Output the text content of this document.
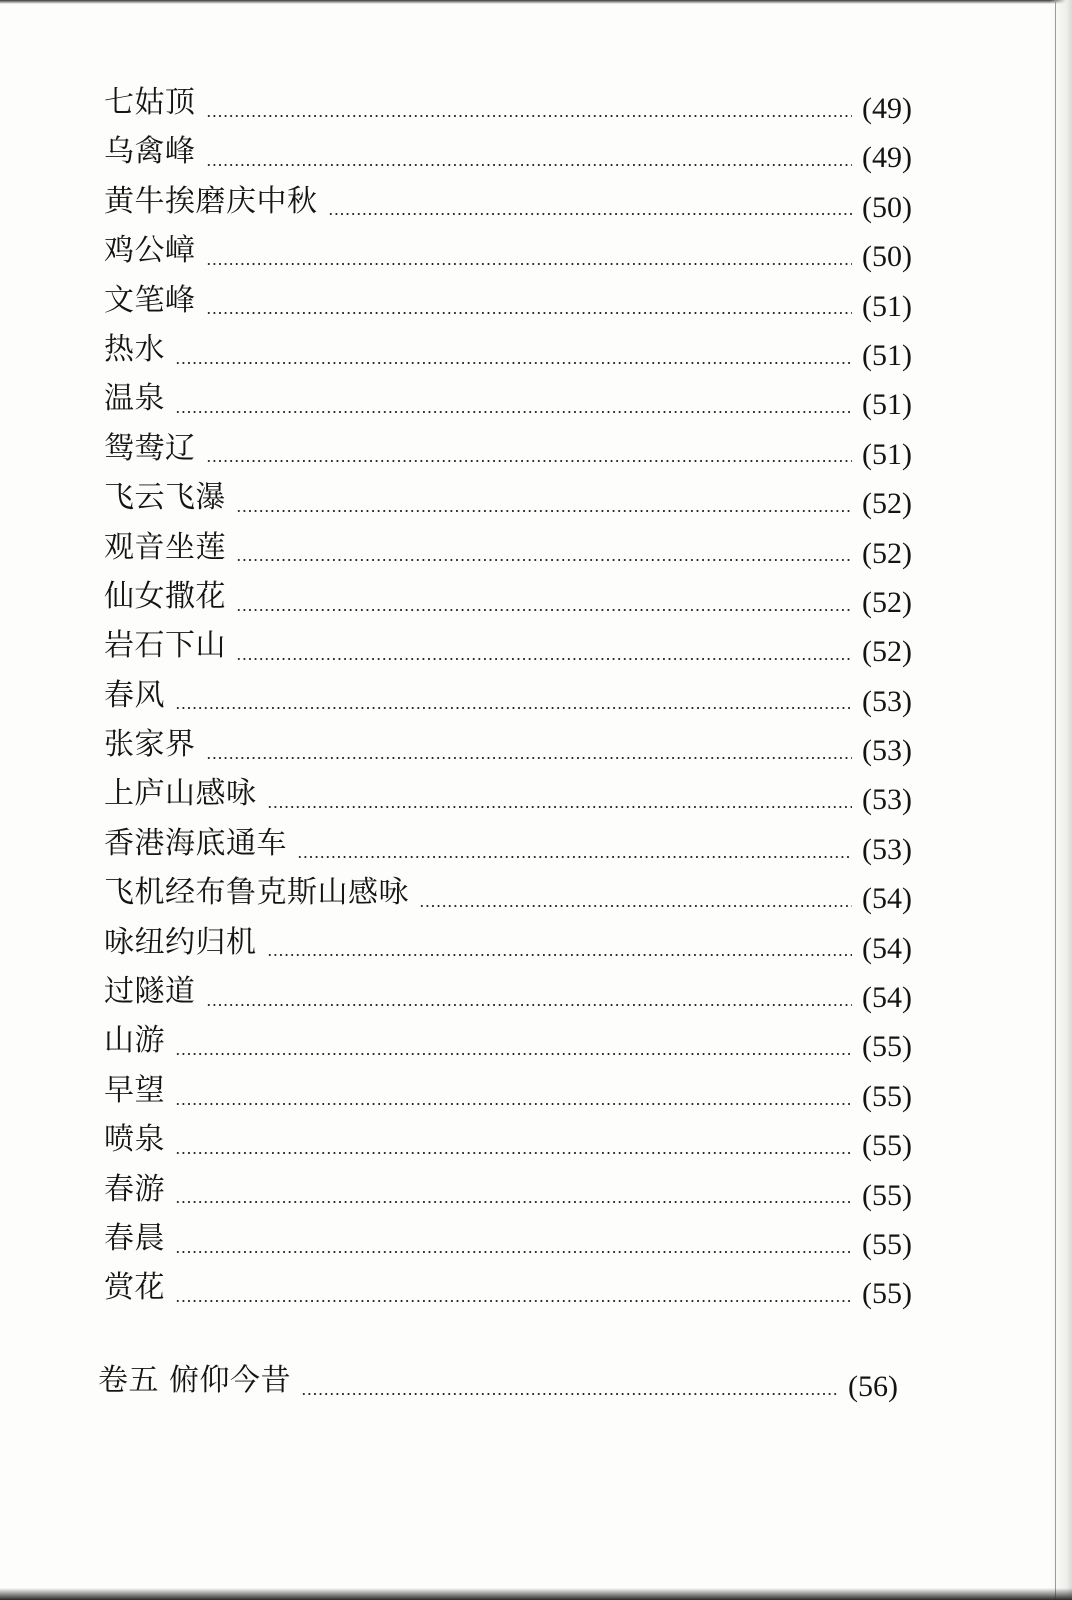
七姑顶	(49)
乌禽峰	(49)
黄牛挨磨庆中秋	(50)
鸡公嶂	(50)
文笔峰	(51)
热水	(51)
温泉	(51)
鸳鸯辽	(51)
飞云飞瀑	(52)
观音坐莲	(52)
仙女撒花	(52)
岩石下山	(52)
春风	(53)
张家界	(53)
上庐山感咏	(53)
香港海底通车	(53)
飞机经布鲁克斯山感咏	(54)
咏纽约归机	(54)
过隧道	(54)
山游	(55)
早望	(55)
喷泉	(55)
春游	(55)
春晨	(55)
赏花	(55)
卷五 俯仰今昔	(56)
